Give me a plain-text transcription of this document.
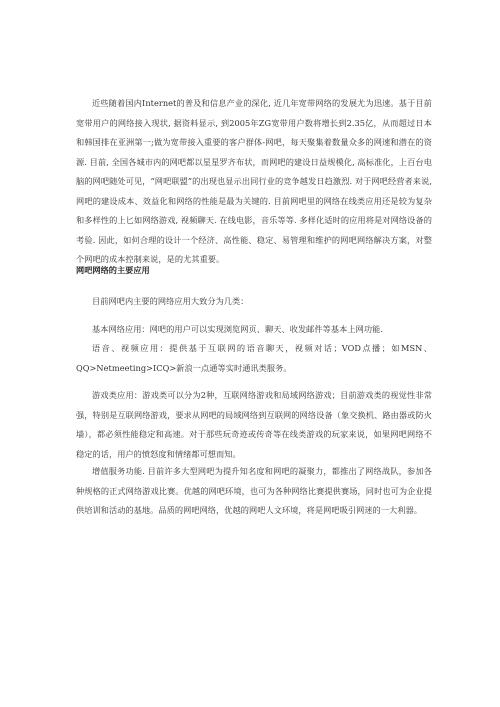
近些随着国内Internet的普及和信息产业的深化, 近几年宽带网络的发展尤为迅速。基于目前宽带用户的网络接入现状, 据资料显示, 到2005年ZG宽带用户数将增长到2.35亿，从而超过日本和韩国排在亚洲第一;做为宽带接入重要的客户群体-网吧，每天聚集着数量众多的网速和潜在的资源. 目前, 全国各城市内的网吧都以星星罗齐布状，而网吧的建设日益规模化, 高标准化，上百台电脑的网吧随处可见，“网吧联盟”的出现也显示出同行业的竞争越发日趋激烈. 对于网吧经营者来说, 网吧的建设成本、效益化和网络的性能是最为关键的. 目前网吧里的网络在线类应用还是较为复杂和多样性的上匕如网络游戏, 视频聊天. 在线电影，音乐等等. 多样化适时的应用将是对网络设备的考验. 因此，如何合理的设计一个经济、高性能、稳定、易管理和维护的网吧网络解决方案，对整个网吧的成本控制来说，是的尤其重要。

网吧网络的主要应用

目前网吧内主要的网络应用大致分为几类：

基本网络应用：网吧的用户可以实现浏览网页、聊天、收发邮件等基本上网功能.

语音、视频应用：提供基于互联网的语音聊天，视频对话；VOD点播；如MSN、QQ>Netmeeting>ICQ>新浪一点通等实时通讯类服务。

游戏类应用：游戏类可以分为2种，互联网络游戏和局域网络游戏；目前游戏类的视觉性非常强，特别是互联网络游戏，要求从网吧的局域网络到互联网的网络设备（象交换机、路由器或防火墙），都必须性能稳定和高速。对于那些玩奇迹或传奇等在线类游戏的玩家来说，如果网吧网络不稳定的话，用户的愤怒度和情绪都可想而知。

增值服务功能. 目前许多大型网吧为提升知名度和网吧的凝聚力，都推出了网络战队，参加各种规格的正式网络游戏比赛。优越的网吧环境，也可为各种网络比赛提供赛场，同时也可为企业提供培训和活动的基地。品质的网吧网络，优越的网吧人文环境，将是网吧吸引网迷的一大利器。
